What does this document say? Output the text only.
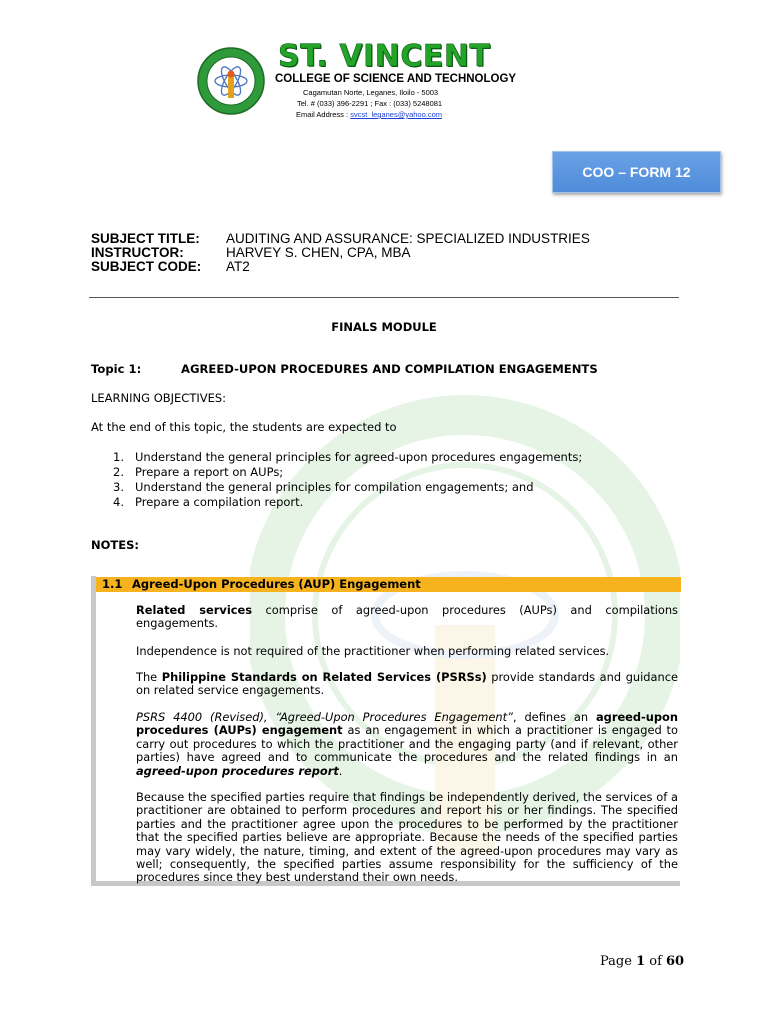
ST. VINCENT
COLLEGE OF SCIENCE AND TECHNOLOGY
Cagamutan Norte, Leganes, Iloilo - 5003
Tel. # (033) 396-2291 ; Fax : (033) 5248081
Email Address : svcst_leganes@yahoo.com
COO – FORM 12
SUBJECT TITLE: AUDITING AND ASSURANCE: SPECIALIZED INDUSTRIES
INSTRUCTOR:	HARVEY S. CHEN, CPA, MBA
SUBJECT CODE: AT2
FINALS MODULE
Topic 1:	AGREED-UPON PROCEDURES AND COMPILATION ENGAGEMENTS
LEARNING OBJECTIVES:
At the end of this topic, the students are expected to
1. Understand the general principles for agreed-upon procedures engagements;
2. Prepare a report on AUPs;
3. Understand the general principles for compilation engagements; and
4. Prepare a compilation report.
NOTES:
1.1 Agreed-Upon Procedures (AUP) Engagement
Related services comprise of agreed-upon procedures (AUPs) and compilations engagements.
Independence is not required of the practitioner when performing related services.
The Philippine Standards on Related Services (PSRSs) provide standards and guidance on related service engagements.
PSRS 4400 (Revised), “Agreed-Upon Procedures Engagement”, defines an agreed-upon procedures (AUPs) engagement as an engagement in which a practitioner is engaged to carry out procedures to which the practitioner and the engaging party (and if relevant, other parties) have agreed and to communicate the procedures and the related findings in an agreed-upon procedures report.
Because the specified parties require that findings be independently derived, the services of a practitioner are obtained to perform procedures and report his or her findings. The specified parties and the practitioner agree upon the procedures to be performed by the practitioner that the specified parties believe are appropriate. Because the needs of the specified parties may vary widely, the nature, timing, and extent of the agreed-upon procedures may vary as well; consequently, the specified parties assume responsibility for the sufficiency of the procedures since they best understand their own needs.
Page 1 of 60
